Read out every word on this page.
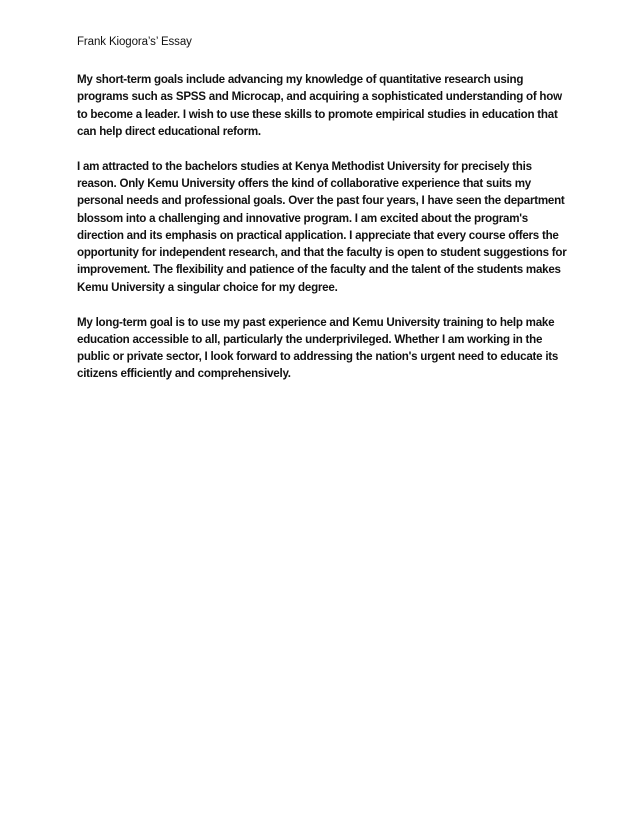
Frank Kiogora’s’ Essay

My short-term goals include advancing my knowledge of quantitative research using programs such as SPSS and Microcap, and acquiring a sophisticated understanding of how to become a leader. I wish to use these skills to promote empirical studies in education that can help direct educational reform.

I am attracted to the bachelors studies at Kenya Methodist University for precisely this reason. Only Kemu University offers the kind of collaborative experience that suits my personal needs and professional goals. Over the past four years, I have seen the department blossom into a challenging and innovative program. I am excited about the program's direction and its emphasis on practical application. I appreciate that every course offers the opportunity for independent research, and that the faculty is open to student suggestions for improvement. The flexibility and patience of the faculty and the talent of the students makes Kemu University a singular choice for my degree.

My long-term goal is to use my past experience and Kemu University training to help make education accessible to all, particularly the underprivileged. Whether I am working in the public or private sector, I look forward to addressing the nation's urgent need to educate its citizens efficiently and comprehensively.
